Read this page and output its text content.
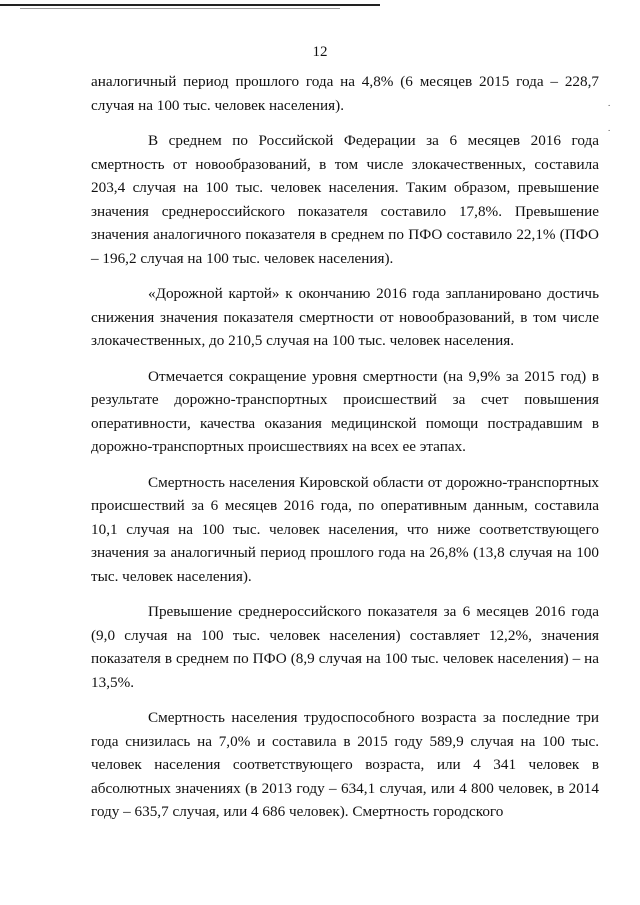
12
.
.

аналогичный период прошлого года на 4,8% (6 месяцев 2015 года – 228,7 случая на 100 тыс. человек населения).

В среднем по Российской Федерации за 6 месяцев 2016 года смертность от новообразований, в том числе злокачественных, составила 203,4 случая на 100 тыс. человек населения. Таким образом, превышение значения среднероссийского показателя составило 17,8%. Превышение значения аналогичного показателя в среднем по ПФО составило 22,1% (ПФО – 196,2 случая на 100 тыс. человек населения).

«Дорожной картой» к окончанию 2016 года запланировано достичь снижения значения показателя смертности от новообразований, в том числе злокачественных, до 210,5 случая на 100 тыс. человек населения.

Отмечается сокращение уровня смертности (на 9,9% за 2015 год) в результате дорожно-транспортных происшествий за счет повышения оперативности, качества оказания медицинской помощи пострадавшим в дорожно-транспортных происшествиях на всех ее этапах.

Смертность населения Кировской области от дорожно-транспортных происшествий за 6 месяцев 2016 года, по оперативным данным, составила 10,1 случая на 100 тыс. человек населения, что ниже соответствующего значения за аналогичный период прошлого года на 26,8% (13,8 случая на 100 тыс. человек населения).

Превышение среднероссийского показателя за 6 месяцев 2016 года (9,0 случая на 100 тыс. человек населения) составляет 12,2%, значения показателя в среднем по ПФО (8,9 случая на 100 тыс. человек населения) – на 13,5%.

Смертность населения трудоспособного возраста за последние три года снизилась на 7,0% и составила в 2015 году 589,9 случая на 100 тыс. человек населения соответствующего возраста, или 4 341 человек в абсолютных значениях (в 2013 году – 634,1 случая, или 4 800 человек, в 2014 году – 635,7 случая, или 4 686 человек). Смертность городского
